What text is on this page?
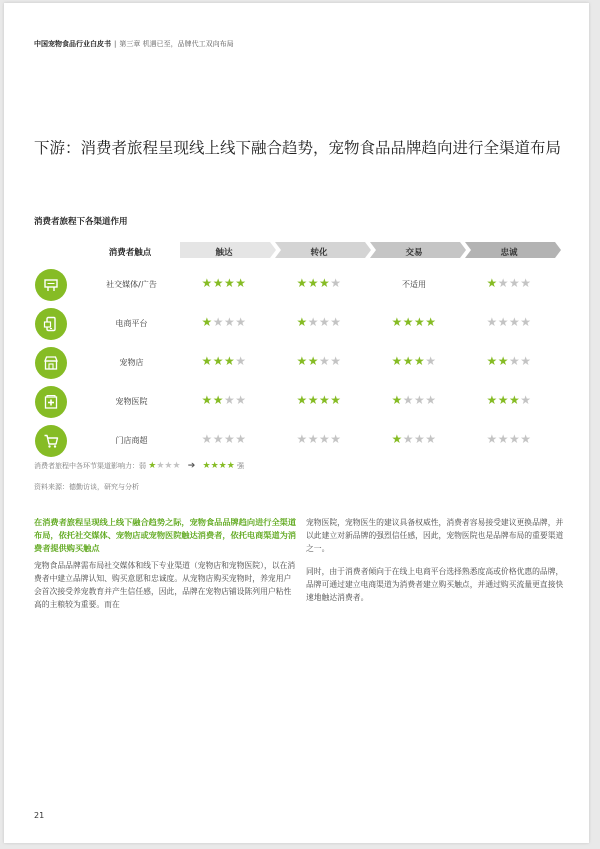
中国宠物食品行业白皮书 | 第三章 机遇已至，品牌代工双向布局
下游：消费者旅程呈现线上线下融合趋势，宠物食品品牌趋向进行全渠道布局
消费者旅程下各渠道作用
消费者触点	触达	转化	交易	忠诚
社交媒体/广告	★★★★	★★★★	不适用	★★★★
电商平台	★★★★	★★★★	★★★★	★★★★
宠物店	★★★★	★★★★	★★★★	★★★★
宠物医院	★★★★	★★★★	★★★★	★★★★
门店商超	★★★★	★★★★	★★★★	★★★★
消费者旅程中各环节渠道影响力：弱 ★★★★ ➔ ★★★★ 强
资料来源：德勤访谈，研究与分析
在消费者旅程呈现线上线下融合趋势之际，宠物食品品牌趋向进行全渠道布局，依托社交媒体、宠物店或宠物医院触达消费者，依托电商渠道为消费者提供购买触点
宠物食品品牌需布局社交媒体和线下专业渠道（宠物店和宠物医院），以在消费者中建立品牌认知、购买意愿和忠诚度。从宠物店购买宠物时，养宠用户会首次接受养宠教育并产生信任感，因此，品牌在宠物店铺设陈列用户粘性高的主粮较为重要。而在

宠物医院，宠物医生的建议具备权威性，消费者容易接受建议更换品牌，并以此建立对新品牌的强烈信任感，因此，宠物医院也是品牌布局的重要渠道之一。

同时，由于消费者倾向于在线上电商平台选择熟悉度高或价格优惠的品牌，品牌可通过建立电商渠道为消费者建立购买触点，并通过购买流量更直接快速地触达消费者。

21
